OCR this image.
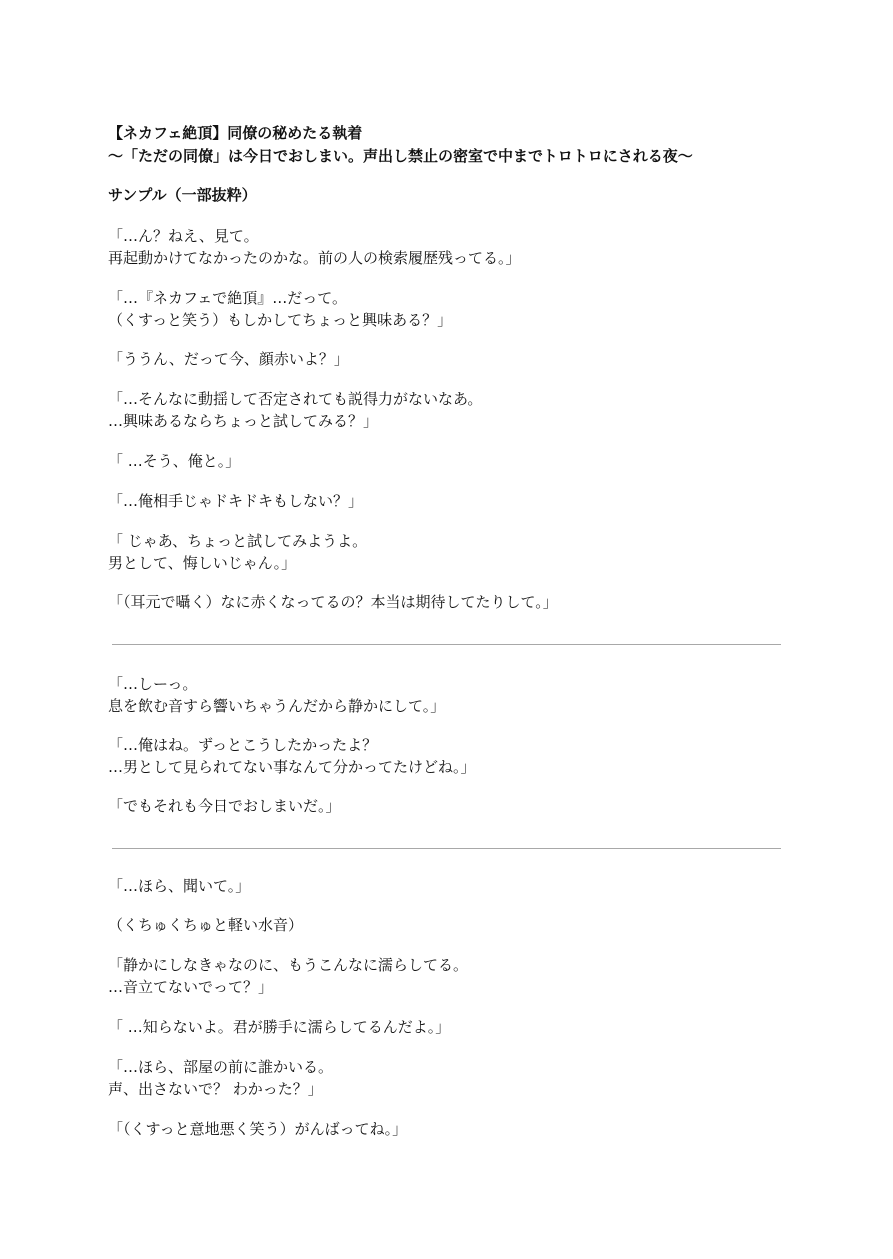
【ネカフェ絶頂】同僚の秘めたる執着
〜「ただの同僚」は今日でおしまい。声出し禁止の密室で中までトロトロにされる夜〜
サンプル（一部抜粋）
「…ん？ねえ、見て。
再起動かけてなかったのかな。前の人の検索履歴残ってる。」
「…『ネカフェで絶頂』…だって。
（くすっと笑う）もしかしてちょっと興味ある？」
「ううん、だって今、顔赤いよ？」
「…そんなに動揺して否定されても説得力がないなあ。
…興味あるならちょっと試してみる？」
「 …そう、俺と。」
「…俺相手じゃドキドキもしない？」
「 じゃあ、ちょっと試してみようよ。
男として、悔しいじゃん。」
「（耳元で囁く）なに赤くなってるの？本当は期待してたりして。」
「…しーっ。
息を飲む音すら響いちゃうんだから静かにして。」
「…俺はね。ずっとこうしたかったよ？
…男として見られてない事なんて分かってたけどね。」
「でもそれも今日でおしまいだ。」
「…ほら、聞いて。」
（くちゅくちゅと軽い水音）
「静かにしなきゃなのに、もうこんなに濡らしてる。
…音立てないでって？」
「 …知らないよ。君が勝手に濡らしてるんだよ。」
「…ほら、部屋の前に誰かいる。
声、出さないで？ わかった？」
「（くすっと意地悪く笑う）がんばってね。」
